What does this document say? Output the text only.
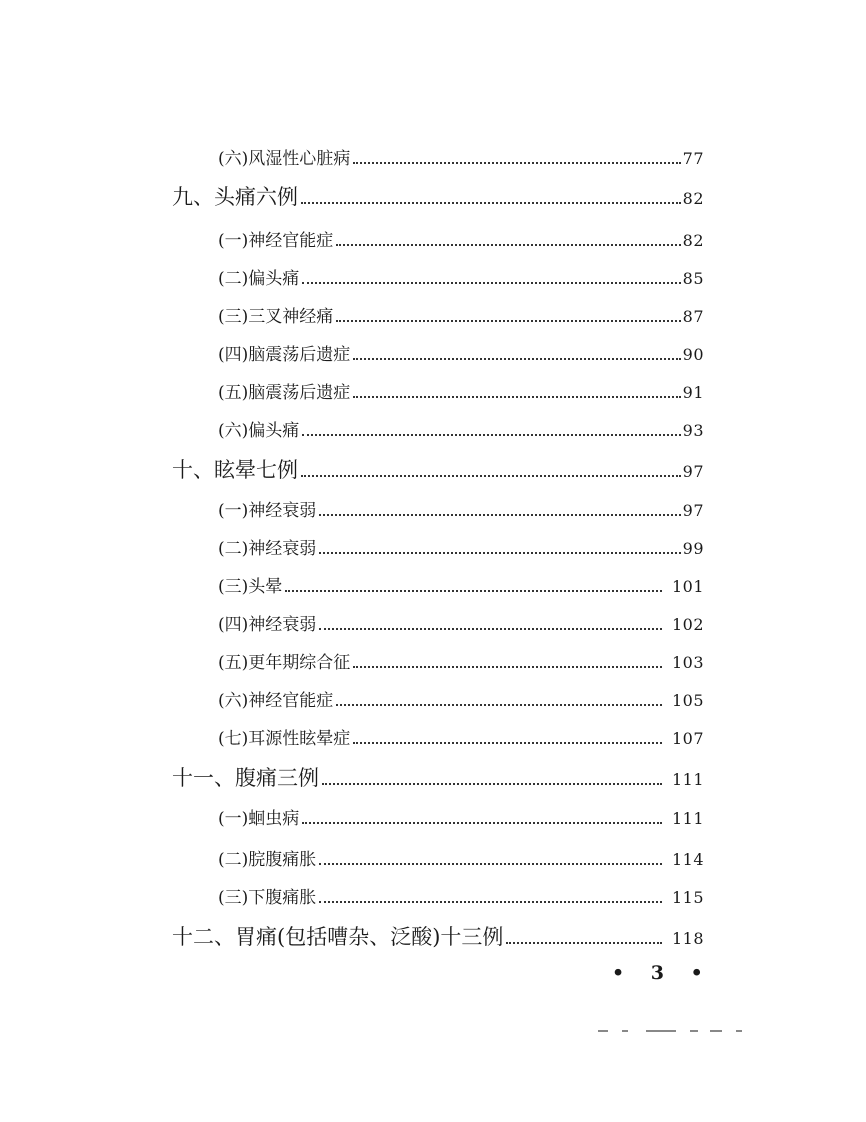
(六)风湿性心脏病	77
九、头痛六例	82
(一)神经官能症	82
(二)偏头痛	85
(三)三叉神经痛	87
(四)脑震荡后遗症	90
(五)脑震荡后遗症	91
(六)偏头痛	93
十、眩晕七例	97
(一)神经衰弱	97
(二)神经衰弱	99
(三)头晕	101
(四)神经衰弱	102
(五)更年期综合征	103
(六)神经官能症	105
(七)耳源性眩晕症	107
十一、腹痛三例	111
(一)蛔虫病	111
(二)脘腹痛胀	114
(三)下腹痛胀	115
十二、胃痛(包括嘈杂、泛酸)十三例	118
• 3 •
